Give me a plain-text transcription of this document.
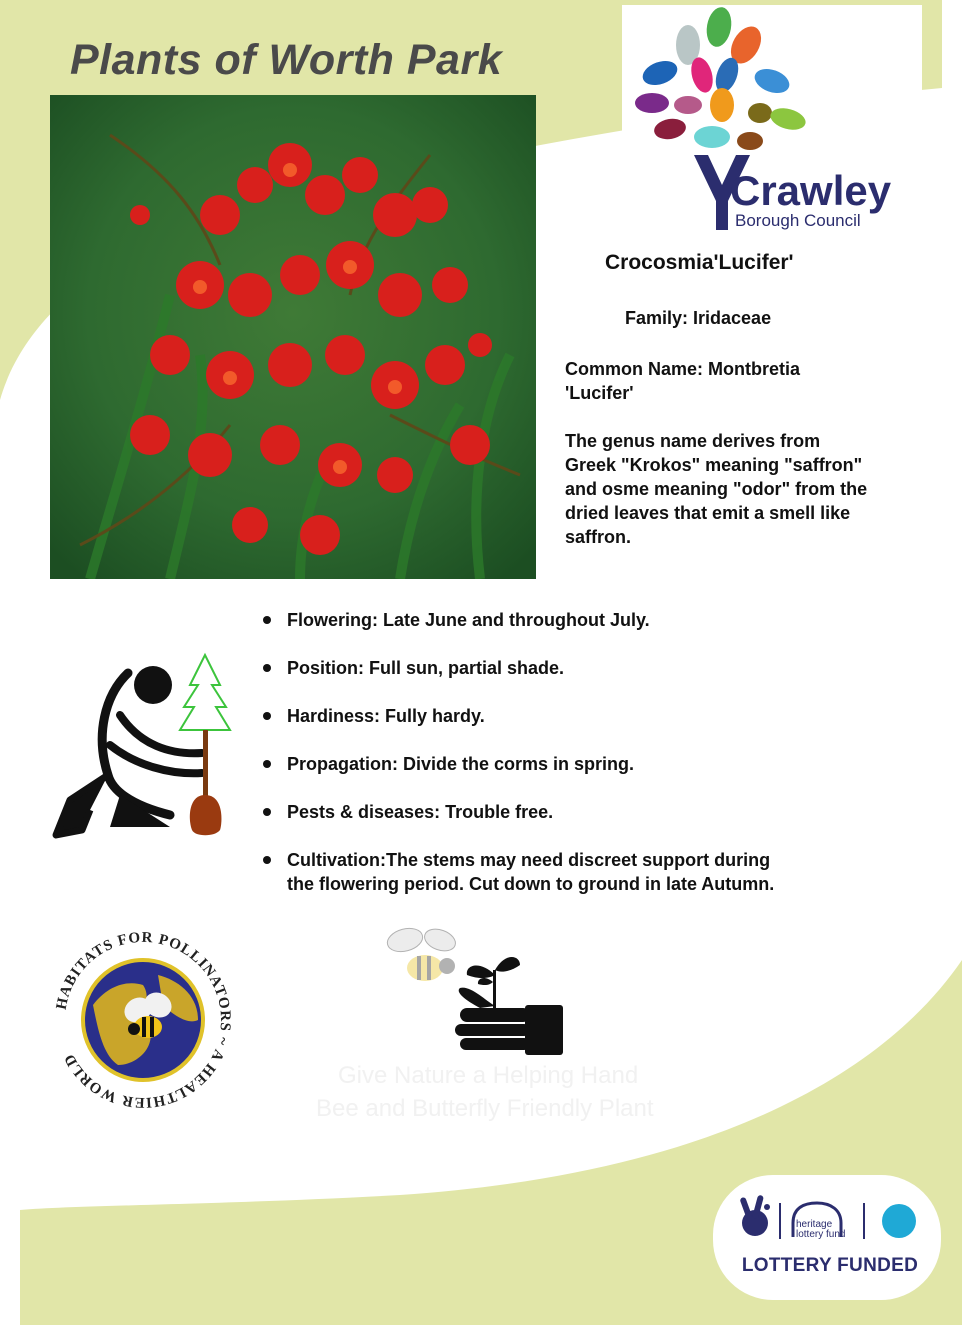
Plants of Worth Park
Crawley
Borough Council
Crocosmia'Lucifer'
Family: Iridaceae
Common Name: Montbretia 'Lucifer'
The genus name derives from Greek "Krokos" meaning "saffron" and osme meaning "odor" from the dried leaves that emit a smell like saffron.
Flowering: Late June and throughout July.
Position: Full sun, partial shade.
Hardiness: Fully hardy.
Propagation: Divide the corms in spring.
Pests & diseases: Trouble free.
Cultivation:The stems may need discreet support during the flowering period. Cut down to ground in late Autumn.
HABITATS FOR POLLINATORS ~ A HEALTHIER WORLD
Give Nature a Helping Hand
Bee and Butterfly Friendly Plant
heritage
lottery fund
LOTTERY FUNDED
